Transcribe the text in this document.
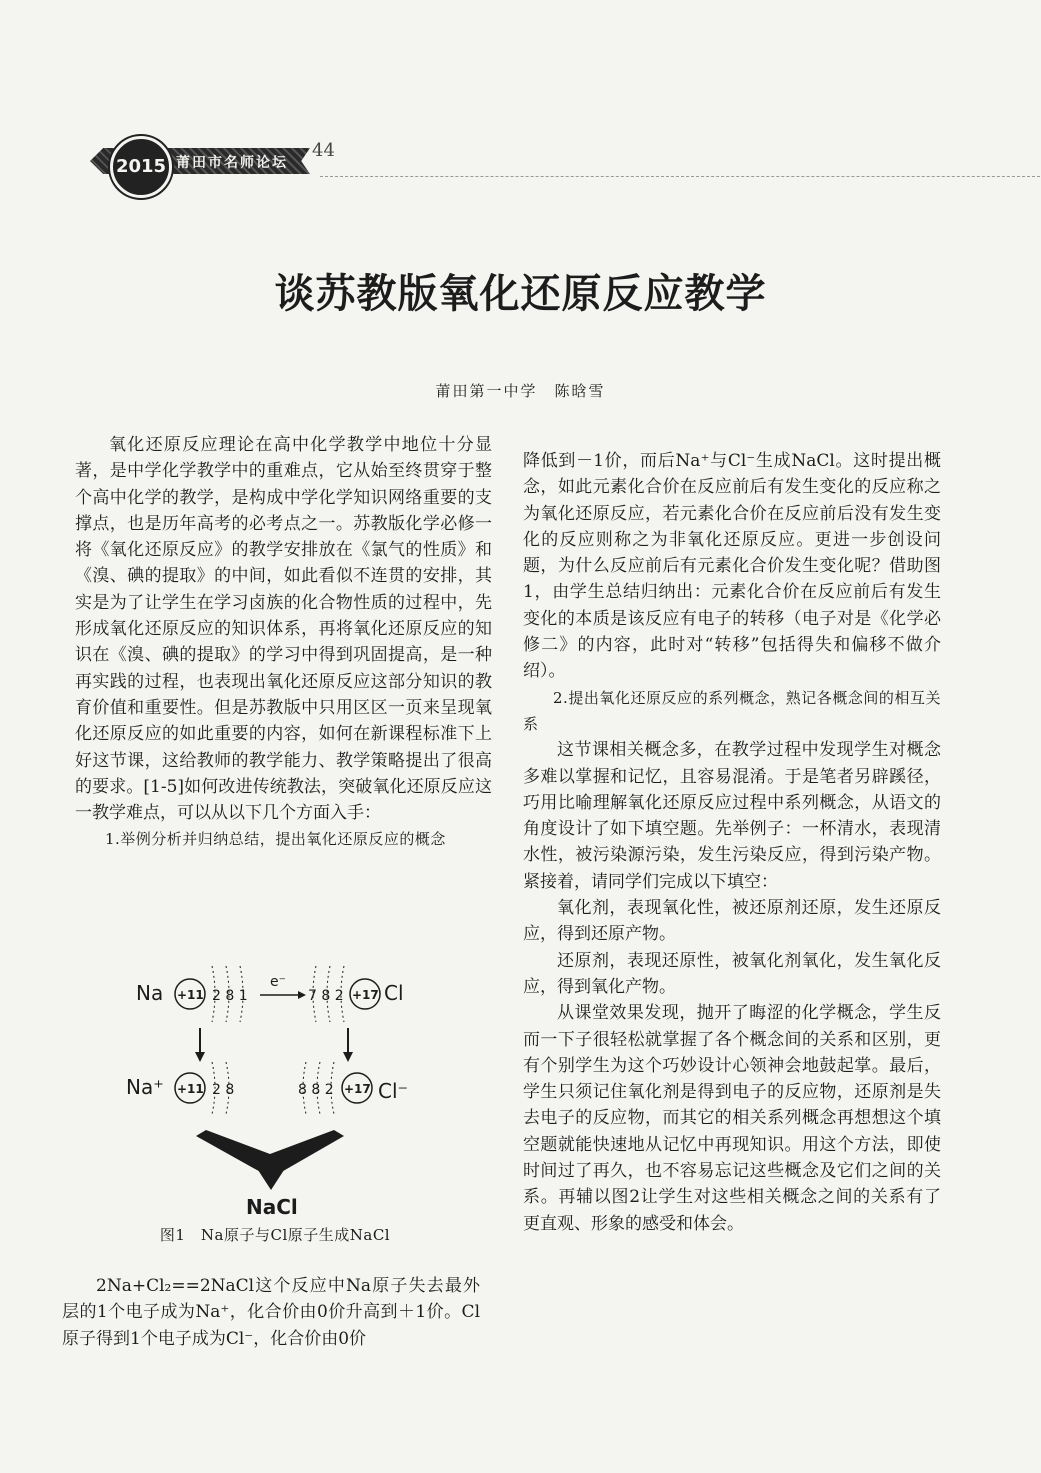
2015 莆田市名师论坛
44
谈苏教版氧化还原反应教学
莆田第一中学　陈晗雪

氧化还原反应理论在高中化学教学中地位十分显著，是中学化学教学中的重难点，它从始至终贯穿于整个高中化学的教学，是构成中学化学知识网络重要的支撑点，也是历年高考的必考点之一。苏教版化学必修一将《氧化还原反应》的教学安排放在《氯气的性质》和《溴、碘的提取》的中间，如此看似不连贯的安排，其实是为了让学生在学习卤族的化合物性质的过程中，先形成氧化还原反应的知识体系，再将氧化还原反应的知识在《溴、碘的提取》的学习中得到巩固提高，是一种再实践的过程，也表现出氧化还原反应这部分知识的教育价值和重要性。但是苏教版中只用区区一页来呈现氧化还原反应的如此重要的内容，如何在新课程标准下上好这节课，这给教师的教学能力、教学策略提出了很高的要求。[1-5]如何改进传统教法，突破氧化还原反应这一教学难点，可以从以下几个方面入手：

1.举例分析并归纳总结，提出氧化还原反应的概念

Na +11 2 8 1
e⁻
7 8 2 +17 Cl
Na⁺ +11 2 8	8 8 2 +17 Cl⁻
NaCl
图1　Na原子与Cl原子生成NaCl

2Na+Cl₂==2NaCl这个反应中Na原子失去最外层的1个电子成为Na⁺，化合价由0价升高到＋1价。Cl原子得到1个电子成为Cl⁻，化合价由0价

降低到－1价，而后Na⁺与Cl⁻生成NaCl。这时提出概念，如此元素化合价在反应前后有发生变化的反应称之为氧化还原反应，若元素化合价在反应前后没有发生变化的反应则称之为非氧化还原反应。更进一步创设问题，为什么反应前后有元素化合价发生变化呢？借助图1，由学生总结归纳出：元素化合价在反应前后有发生变化的本质是该反应有电子的转移（电子对是《化学必修二》的内容，此时对“转移”包括得失和偏移不做介绍）。

2.提出氧化还原反应的系列概念，熟记各概念间的相互关系

这节课相关概念多，在教学过程中发现学生对概念多难以掌握和记忆，且容易混淆。于是笔者另辟蹊径，巧用比喻理解氧化还原反应过程中系列概念，从语文的角度设计了如下填空题。先举例子：一杯清水，表现清水性，被污染源污染，发生污染反应，得到污染产物。紧接着，请同学们完成以下填空：

氧化剂，表现氧化性，被还原剂还原，发生还原反应，得到还原产物。

还原剂，表现还原性，被氧化剂氧化，发生氧化反应，得到氧化产物。

从课堂效果发现，抛开了晦涩的化学概念，学生反而一下子很轻松就掌握了各个概念间的关系和区别，更有个别学生为这个巧妙设计心领神会地鼓起掌。最后，学生只须记住氧化剂是得到电子的反应物，还原剂是失去电子的反应物，而其它的相关系列概念再想想这个填空题就能快速地从记忆中再现知识。用这个方法，即使时间过了再久，也不容易忘记这些概念及它们之间的关系。再辅以图2让学生对这些相关概念之间的关系有了更直观、形象的感受和体会。
